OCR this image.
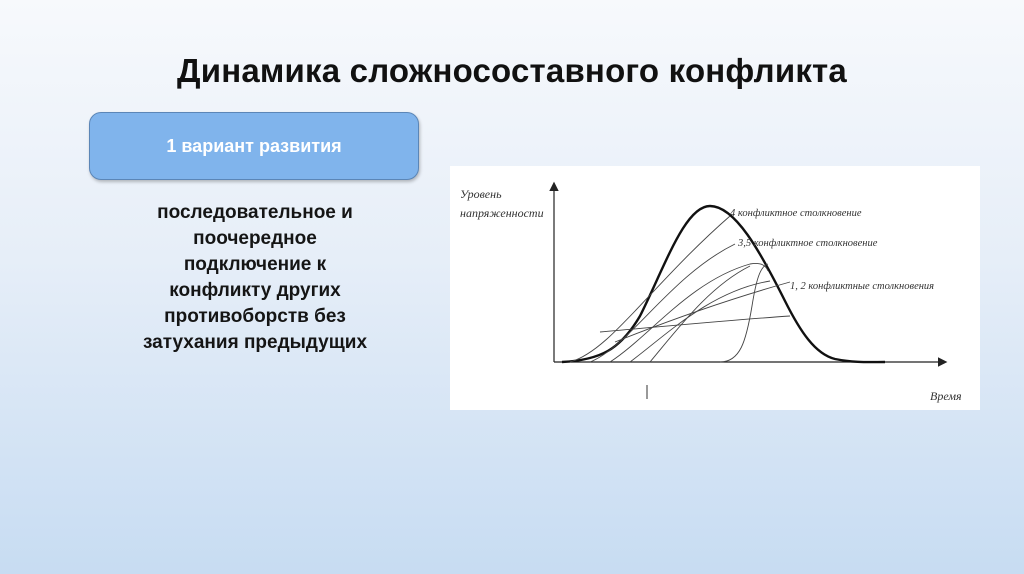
Динамика сложносоставного конфликта
1 вариант развития
последовательное и
поочередное
подключение к
конфликту других
противоборств без
затухания предыдущих
Уровень
напряженности
Время
4 конфликтное столкновение
3,5 конфликтное столкновение
1, 2 конфликтные столкновения
